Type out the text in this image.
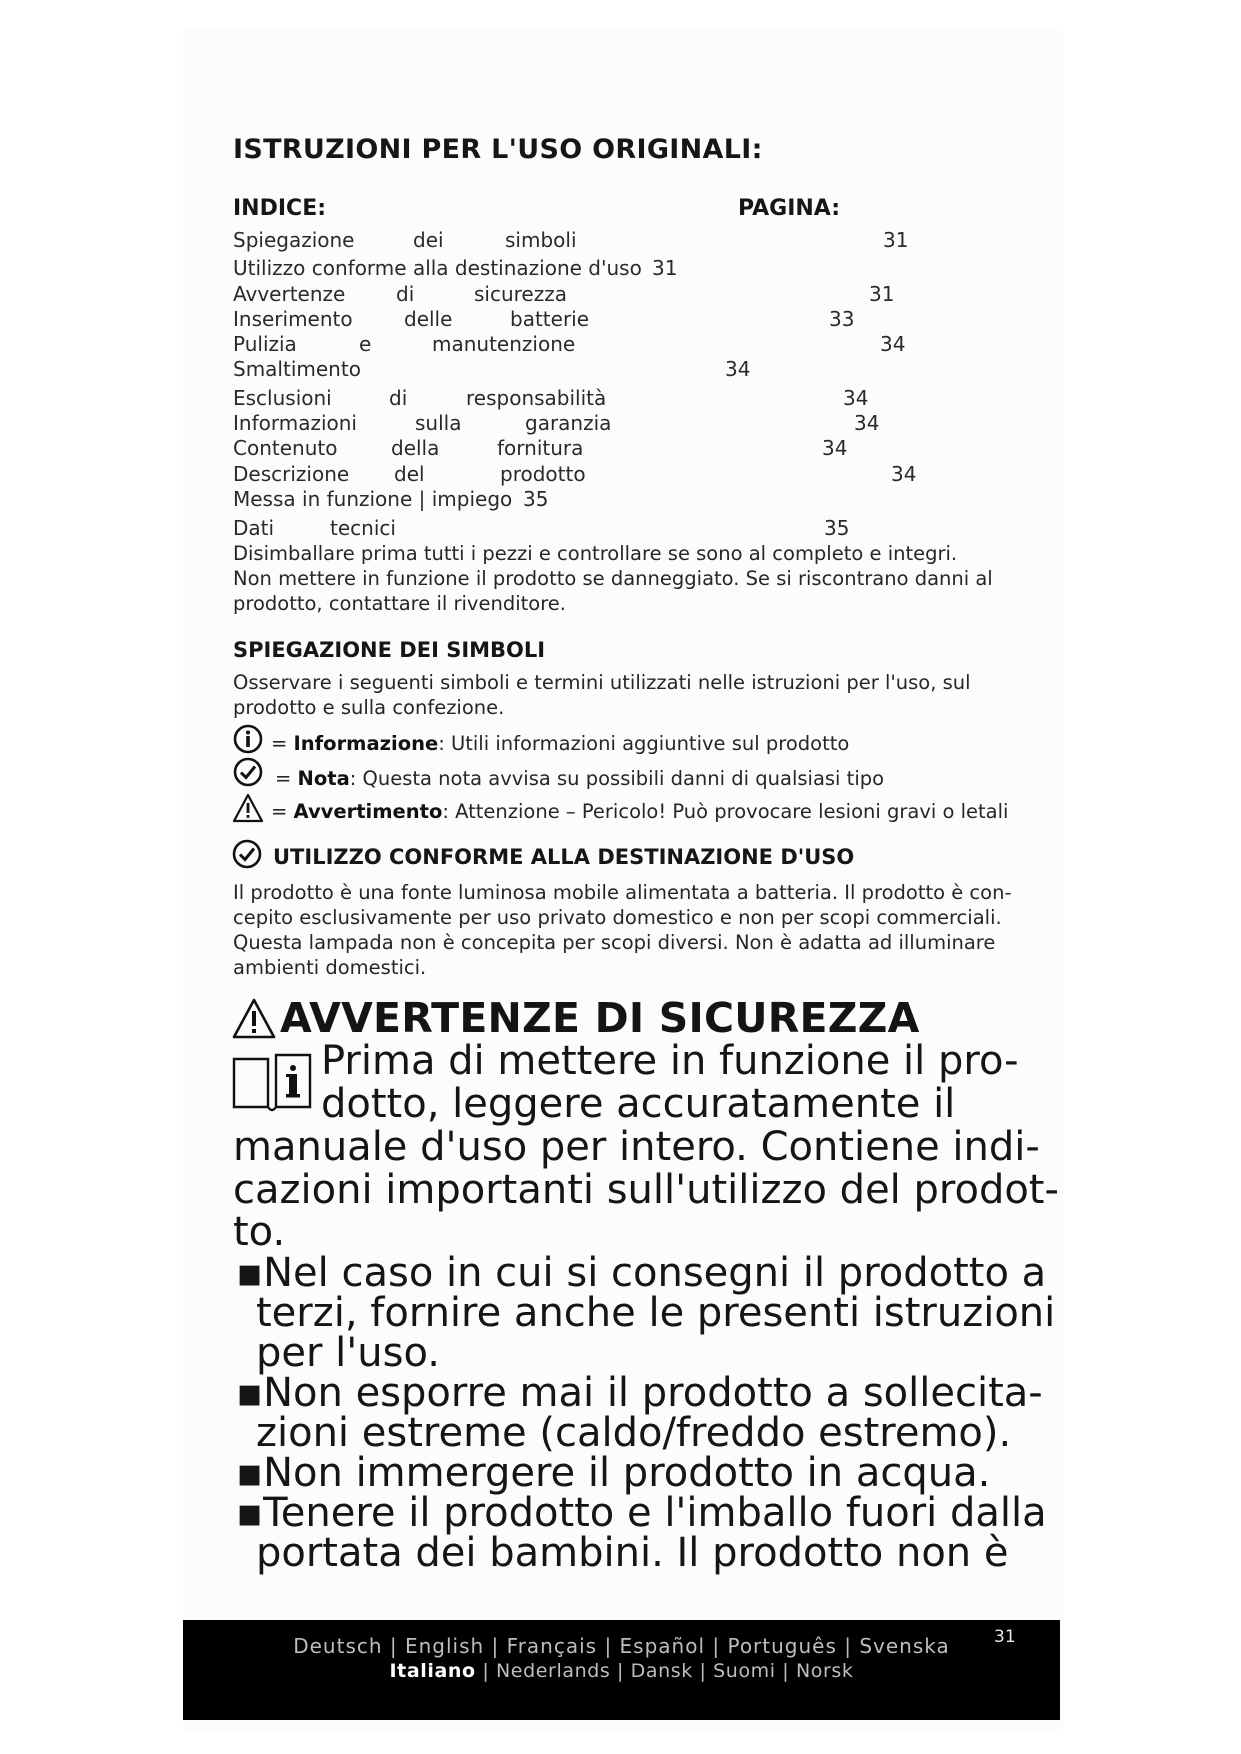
ISTRUZIONI PER L'USO ORIGINALI:
INDICE:	PAGINA:
Spiegazione	dei	simboli	31
Utilizzo conforme alla destinazione d'uso 31
Avvertenze	di	sicurezza	31
Inserimento	delle	batterie	33
Pulizia	e	manutenzione	34
Smaltimento	34
Esclusioni	di	responsabilità	34
Informazioni	sulla	garanzia	34
Contenuto	della	fornitura	34
Descrizione del	prodotto	34
Messa in funzione | impiego 35
Dati	tecnici	35
Disimballare prima tutti i pezzi e controllare se sono al completo e integri.
Non mettere in funzione il prodotto se danneggiato. Se si riscontrano danni al
prodotto, contattare il rivenditore.
SPIEGAZIONE DEI SIMBOLI
Osservare i seguenti simboli e termini utilizzati nelle istruzioni per l'uso, sul
prodotto e sulla confezione.
= Informazione: Utili informazioni aggiuntive sul prodotto
= Nota: Questa nota avvisa su possibili danni di qualsiasi tipo
= Avvertimento: Attenzione – Pericolo! Può provocare lesioni gravi o letali
UTILIZZO CONFORME ALLA DESTINAZIONE D'USO
Il prodotto è una fonte luminosa mobile alimentata a batteria. Il prodotto è con-
cepito esclusivamente per uso privato domestico e non per scopi commerciali.
Questa lampada non è concepita per scopi diversi. Non è adatta ad illuminare
ambienti domestici.
AVVERTENZE DI SICUREZZA
Prima di mettere in funzione il pro-
dotto, leggere accuratamente il
manuale d'uso per intero. Contiene indi-
cazioni importanti sull'utilizzo del prodot-
to.
▪Nel caso in cui si consegni il prodotto a
terzi, fornire anche le presenti istruzioni
per l'uso.
▪Non esporre mai il prodotto a sollecita-
zioni estreme (caldo/freddo estremo).
▪Non immergere il prodotto in acqua.
▪Tenere il prodotto e l'imballo fuori dalla
portata dei bambini. Il prodotto non è
Deutsch | English | Français | Español | Português | Svenska
Italiano | Nederlands | Dansk | Suomi | Norsk
31
